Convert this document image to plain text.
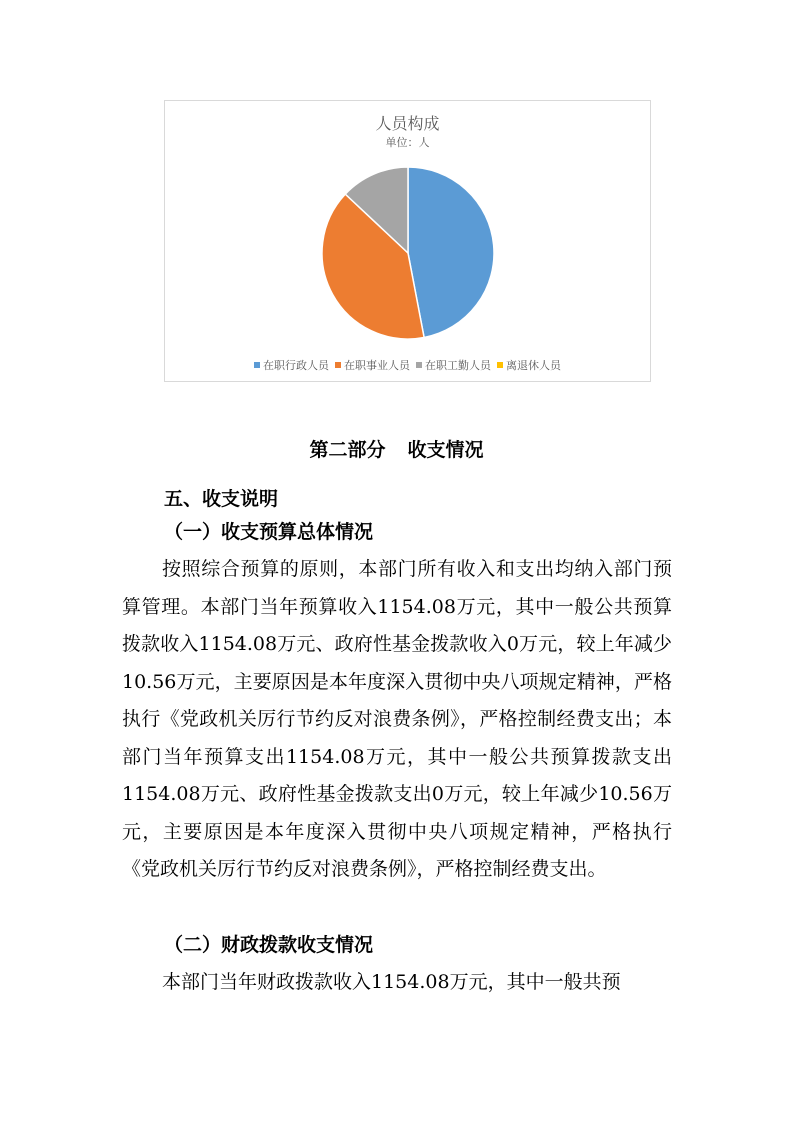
人员构成
单位：人
在职行政人员 在职事业人员 在职工勤人员 离退休人员
第二部分 收支情况
五、收支说明
（一）收支预算总体情况

按照综合预算的原则，本部门所有收入和支出均纳入部门预算管理。本部门当年预算收入1154.08万元，其中一般公共预算拨款收入1154.08万元、政府性基金拨款收入0万元，较上年减少10.56万元，主要原因是本年度深入贯彻中央八项规定精神，严格执行《党政机关厉行节约反对浪费条例》，严格控制经费支出；本部门当年预算支出1154.08万元，其中一般公共预算拨款支出1154.08万元、政府性基金拨款支出0万元，较上年减少10.56万元，主要原因是本年度深入贯彻中央八项规定精神，严格执行《党政机关厉行节约反对浪费条例》，严格控制经费支出。

（二）财政拨款收支情况

本部门当年财政拨款收入1154.08万元，其中一般共预
